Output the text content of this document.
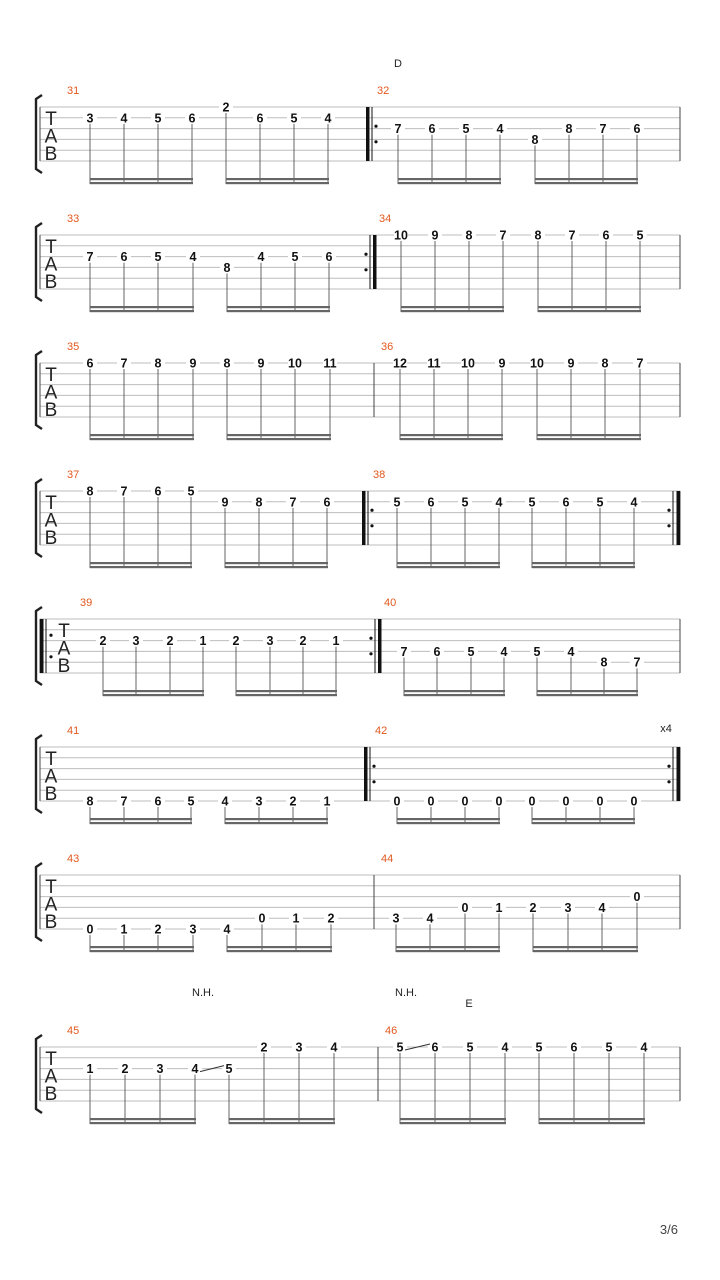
T
A
B
31	32
D
3 4 5 6
2
6 5 4
7 6 5 4
8
8 7 6
T
A
B
33	34
7 6 5 4
8
4 5 6
10 9 8 7 8 7 6 5
T
A
B
35	36
6 7 8 9 8 9 10 11	12 11 10 9 10 9 8 7
T
A
B
37	38
8 7 6 5
9 8 7 6	5 6 5 4 5 6 5 4
T
A
B
39	40
2 3 2 1 2 3 2 1
7 6 5 4 5 4
8 7
T
A
B
41	42	x4
8 7 6 5 4 3 2 1	0 0 0 0 0 0 0 0
T
A
B
43	44
0 1 2 3 4
0 1 2	3 4
0 1 2 3 4
0
T
A
B
45	46
N.H.	N.H.
E
1 2 3 4 5
2 3 4	5 6 5 4 5 6 5 4
3/6
